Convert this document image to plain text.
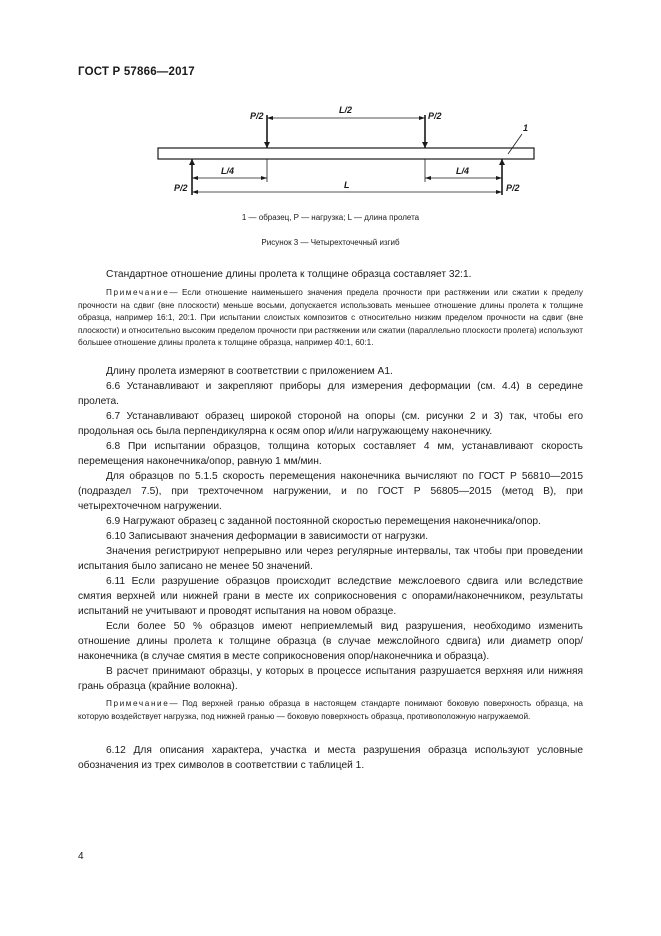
ГОСТ Р 57866—2017
L/2
P/2	P/2
1
L/4	L/4
L
P/2	P/2
1 — образец, P — нагрузка; L — длина пролета
Рисунок 3 — Четырехточечный изгиб
Стандартное отношение длины пролета к толщине образца составляет 32:1.
Примечание— Если отношение наименьшего значения предела прочности при растяжении или сжатии к пределу прочности на сдвиг (вне плоскости) меньше восьми, допускается использовать меньшее отношение длины пролета к толщине образца, например 16:1, 20:1. При испытании слоистых композитов с относительно низким пределом прочности на сдвиг (вне плоскости) и относительно высоким пределом прочности при растяжении или сжатии (параллельно плоскости пролета) используют большее отношение длины пролета к толщине образца, например 40:1, 60:1.
Длину пролета измеряют в соответствии с приложением А1.
6.6 Устанавливают и закрепляют приборы для измерения деформации (см. 4.4) в середине пролета.
6.7 Устанавливают образец широкой стороной на опоры (см. рисунки 2 и 3) так, чтобы его продольная ось была перпендикулярна к осям опор и/или нагружающему наконечнику.
6.8 При испытании образцов, толщина которых составляет 4 мм, устанавливают скорость перемещения наконечника/опор, равную 1 мм/мин.
Для образцов по 5.1.5 скорость перемещения наконечника вычисляют по ГОСТ Р 56810—2015 (подраздел 7.5), при трехточечном нагружении, и по ГОСТ Р 56805—2015 (метод В), при четырехточечном нагружении.
6.9 Нагружают образец с заданной постоянной скоростью перемещения наконечника/опор.
6.10 Записывают значения деформации в зависимости от нагрузки.
Значения регистрируют непрерывно или через регулярные интервалы, так чтобы при проведении испытания было записано не менее 50 значений.
6.11 Если разрушение образцов происходит вследствие межслоевого сдвига или вследствие смятия верхней или нижней грани в месте их соприкосновения с опорами/наконечником, результаты испытаний не учитывают и проводят испытания на новом образце.
Если более 50 % образцов имеют неприемлемый вид разрушения, необходимо изменить отношение длины пролета к толщине образца (в случае межслойного сдвига) или диаметр опор/наконечника (в случае смятия в месте соприкосновения опор/наконечника и образца).
В расчет принимают образцы, у которых в процессе испытания разрушается верхняя или нижняя грань образца (крайние волокна).
Примечание— Под верхней гранью образца в настоящем стандарте понимают боковую поверхность образца, на которую воздействует нагрузка, под нижней гранью — боковую поверхность образца, противоположную нагружаемой.
6.12 Для описания характера, участка и места разрушения образца используют условные обозначения из трех символов в соответствии с таблицей 1.
4
